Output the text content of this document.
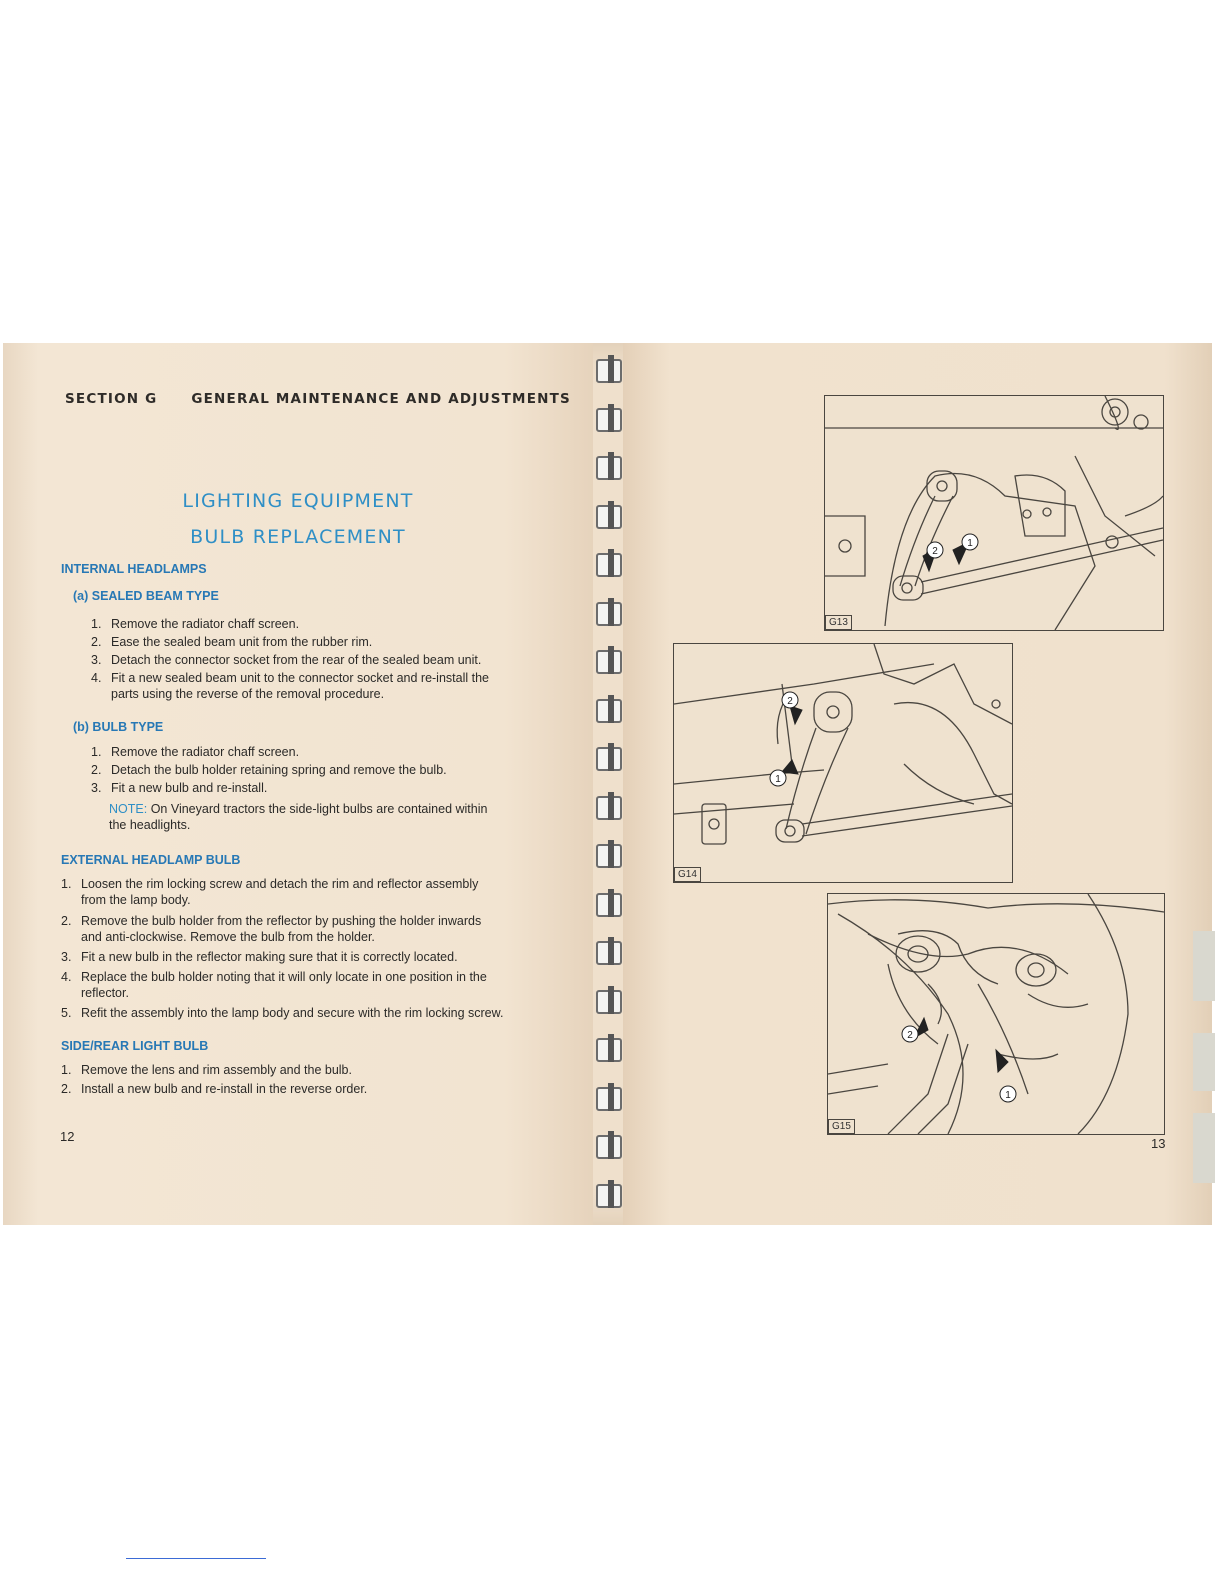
SECTION G	GENERAL MAINTENANCE AND ADJUSTMENTS
LIGHTING EQUIPMENT
BULB REPLACEMENT
INTERNAL HEADLAMPS
(a) SEALED BEAM TYPE
1. Remove the radiator chaff screen.
2. Ease the sealed beam unit from the rubber rim.
3. Detach the connector socket from the rear of the sealed beam unit.
4. Fit a new sealed beam unit to the connector socket and re-install the
parts using the reverse of the removal procedure.
(b) BULB TYPE
1. Remove the radiator chaff screen.
2. Detach the bulb holder retaining spring and remove the bulb.
3. Fit a new bulb and re-install.
NOTE: On Vineyard tractors the side-light bulbs are contained within
the headlights.
EXTERNAL HEADLAMP BULB
1. Loosen the rim locking screw and detach the rim and reflector assembly
from the lamp body.
2. Remove the bulb holder from the reflector by pushing the holder inwards
and anti-clockwise. Remove the bulb from the holder.
3. Fit a new bulb in the reflector making sure that it is correctly located.
4. Replace the bulb holder noting that it will only locate in one position in the
reflector.
5. Refit the assembly into the lamp body and secure with the rim locking screw.
SIDE/REAR LIGHT BULB
1. Remove the lens and rim assembly and the bulb.
2. Install a new bulb and re-install in the reverse order.
12
2
1
G13
2
1
G14
2
1
G15
13
